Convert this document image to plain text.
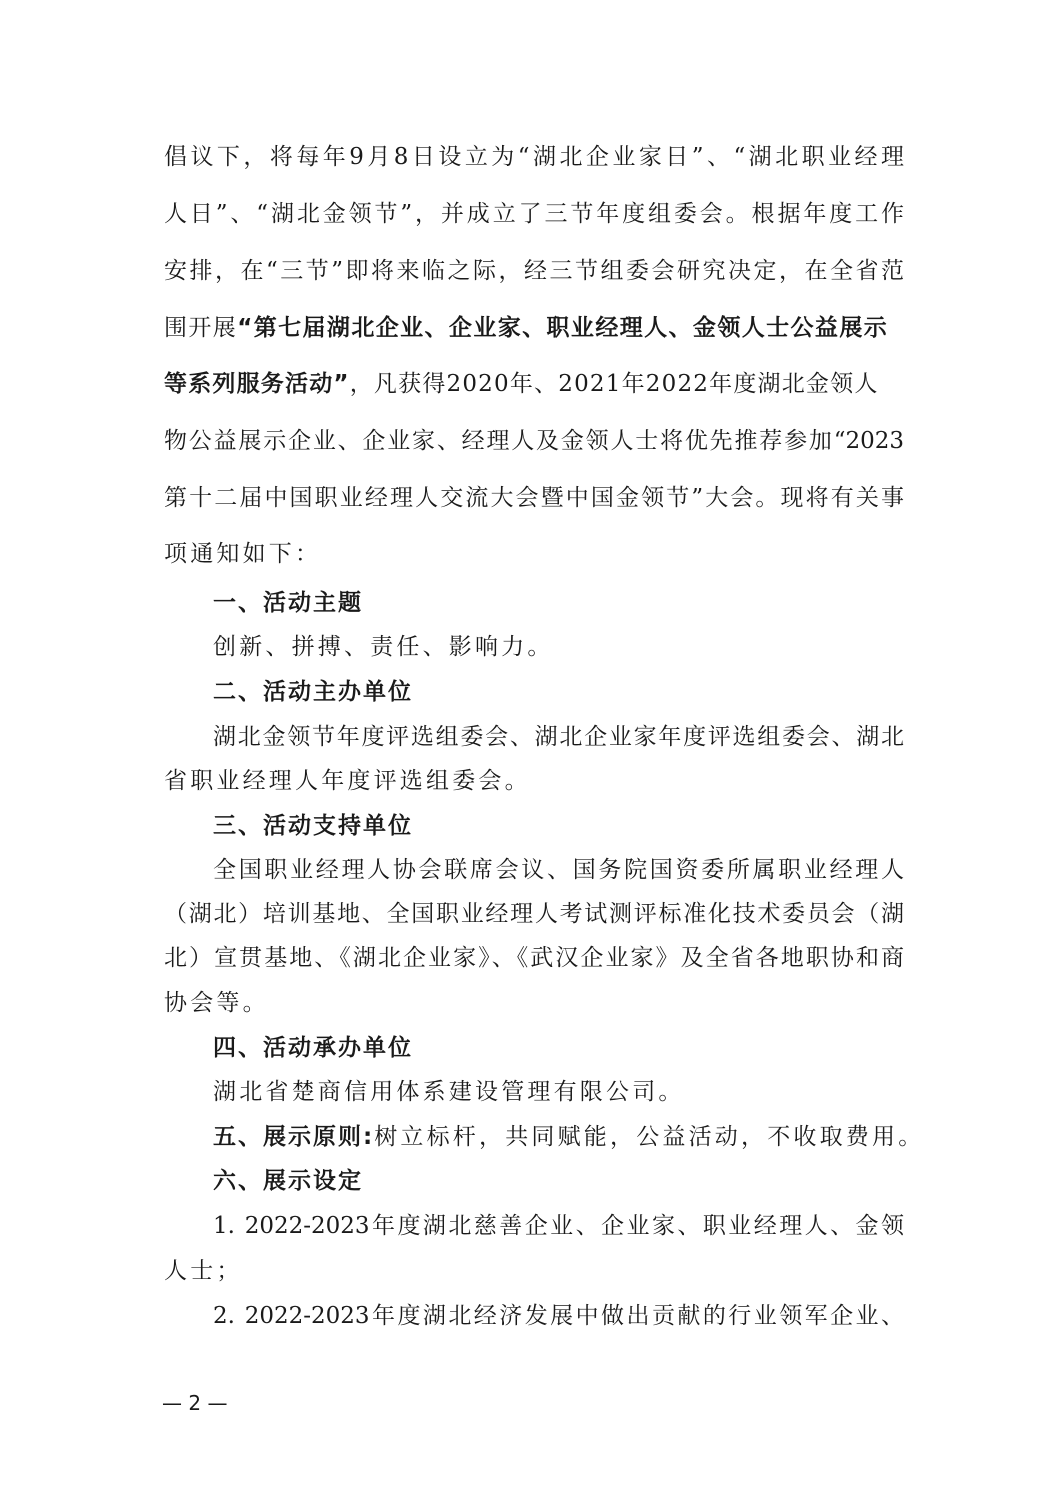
倡议下，将每年9月8日设立为“湖北企业家日”、“湖北职业经理
人日”、“湖北金领节”，并成立了三节年度组委会。根据年度工作
安排，在“三节”即将来临之际，经三节组委会研究决定，在全省范
围开展“第七届湖北企业、企业家、职业经理人、金领人士公益展示
等系列服务活动”，凡获得2020年、2021年2022年度湖北金领人
物公益展示企业、企业家、经理人及金领人士将优先推荐参加“2023
第十二届中国职业经理人交流大会暨中国金领节”大会。现将有关事
项通知如下：
一、活动主题
创新、拼搏、责任、影响力。
二、活动主办单位
湖北金领节年度评选组委会、湖北企业家年度评选组委会、湖北
省职业经理人年度评选组委会。
三、活动支持单位
全国职业经理人协会联席会议、国务院国资委所属职业经理人
（湖北）培训基地、全国职业经理人考试测评标准化技术委员会（湖
北）宣贯基地、《湖北企业家》、《武汉企业家》及全省各地职协和商
协会等。
四、活动承办单位
湖北省楚商信用体系建设管理有限公司。
五、展示原则:树立标杆，共同赋能，公益活动，不收取费用。
六、展示设定
1. 2022-2023年度湖北慈善企业、企业家、职业经理人、金领
人士；
2. 2022-2023年度湖北经济发展中做出贡献的行业领军企业、
— 2 —
